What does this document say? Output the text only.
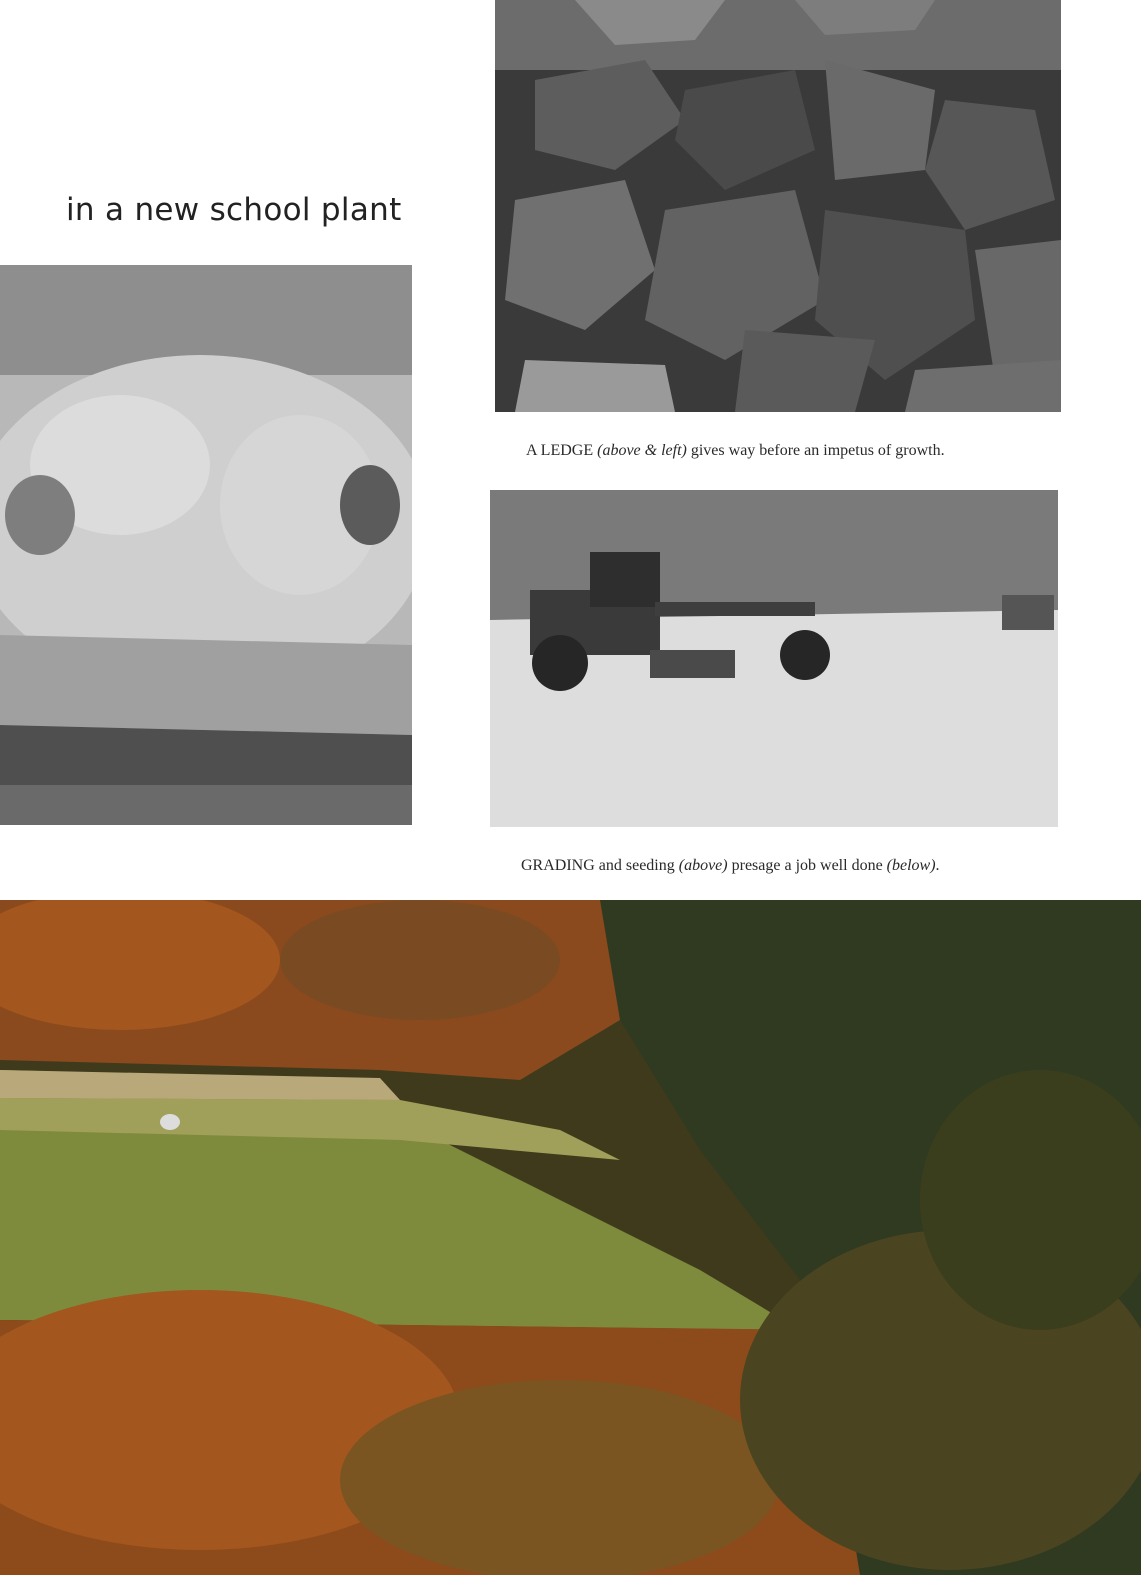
in a new school plant
A LEDGE (above & left) gives way before an impetus of growth.
GRADING and seeding (above) presage a job well done (below).
